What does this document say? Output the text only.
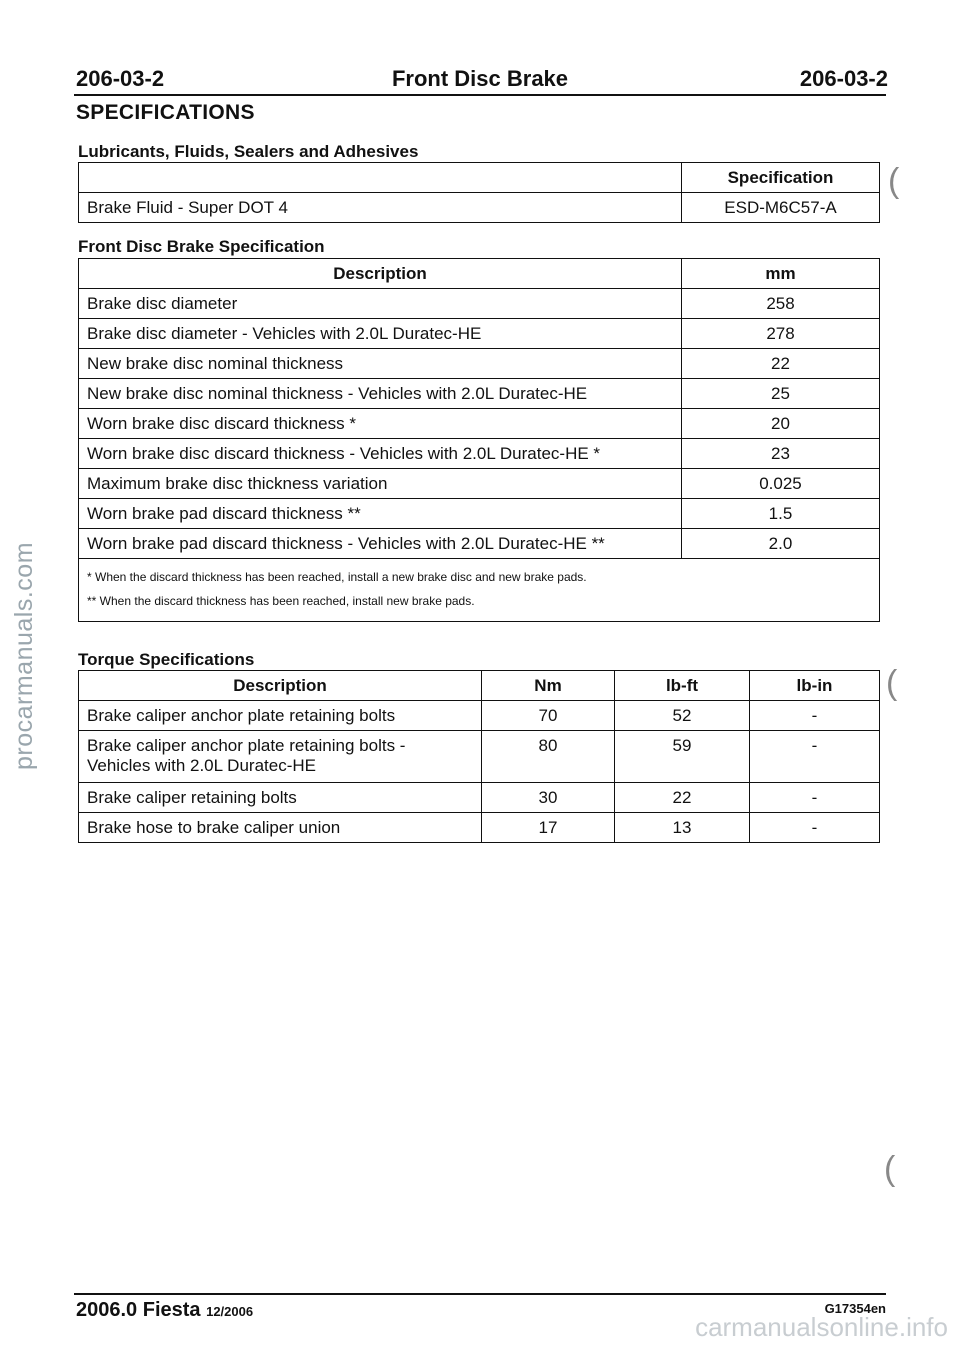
206-03-2	Front Disc Brake	206-03-2
SPECIFICATIONS
Lubricants, Fluids, Sealers and Adhesives
	Specification
Brake Fluid - Super DOT 4	ESD-M6C57-A
Front Disc Brake Specification
Description	mm
Brake disc diameter	258
Brake disc diameter - Vehicles with 2.0L Duratec-HE	278
New brake disc nominal thickness	22
New brake disc nominal thickness - Vehicles with 2.0L Duratec-HE	25
Worn brake disc discard thickness *	20
Worn brake disc discard thickness - Vehicles with 2.0L Duratec-HE *	23
Maximum brake disc thickness variation	0.025
Worn brake pad discard thickness **	1.5
Worn brake pad discard thickness - Vehicles with 2.0L Duratec-HE **	2.0

* When the discard thickness has been reached, install a new brake disc and new brake pads.
** When the discard thickness has been reached, install new brake pads.	
Torque Specifications
Description	Nm	lb-ft	lb-in
Brake caliper anchor plate retaining bolts	70	52	-
Brake caliper anchor plate retaining bolts - Vehicles with 2.0L Duratec-HE	80	59	-
Brake caliper retaining bolts	30	22	-
Brake hose to brake caliper union	17	13	-
(
(
(
2006.0 Fiesta 12/2006	G17354en
procarmanuals.com
carmanualsonline.info
